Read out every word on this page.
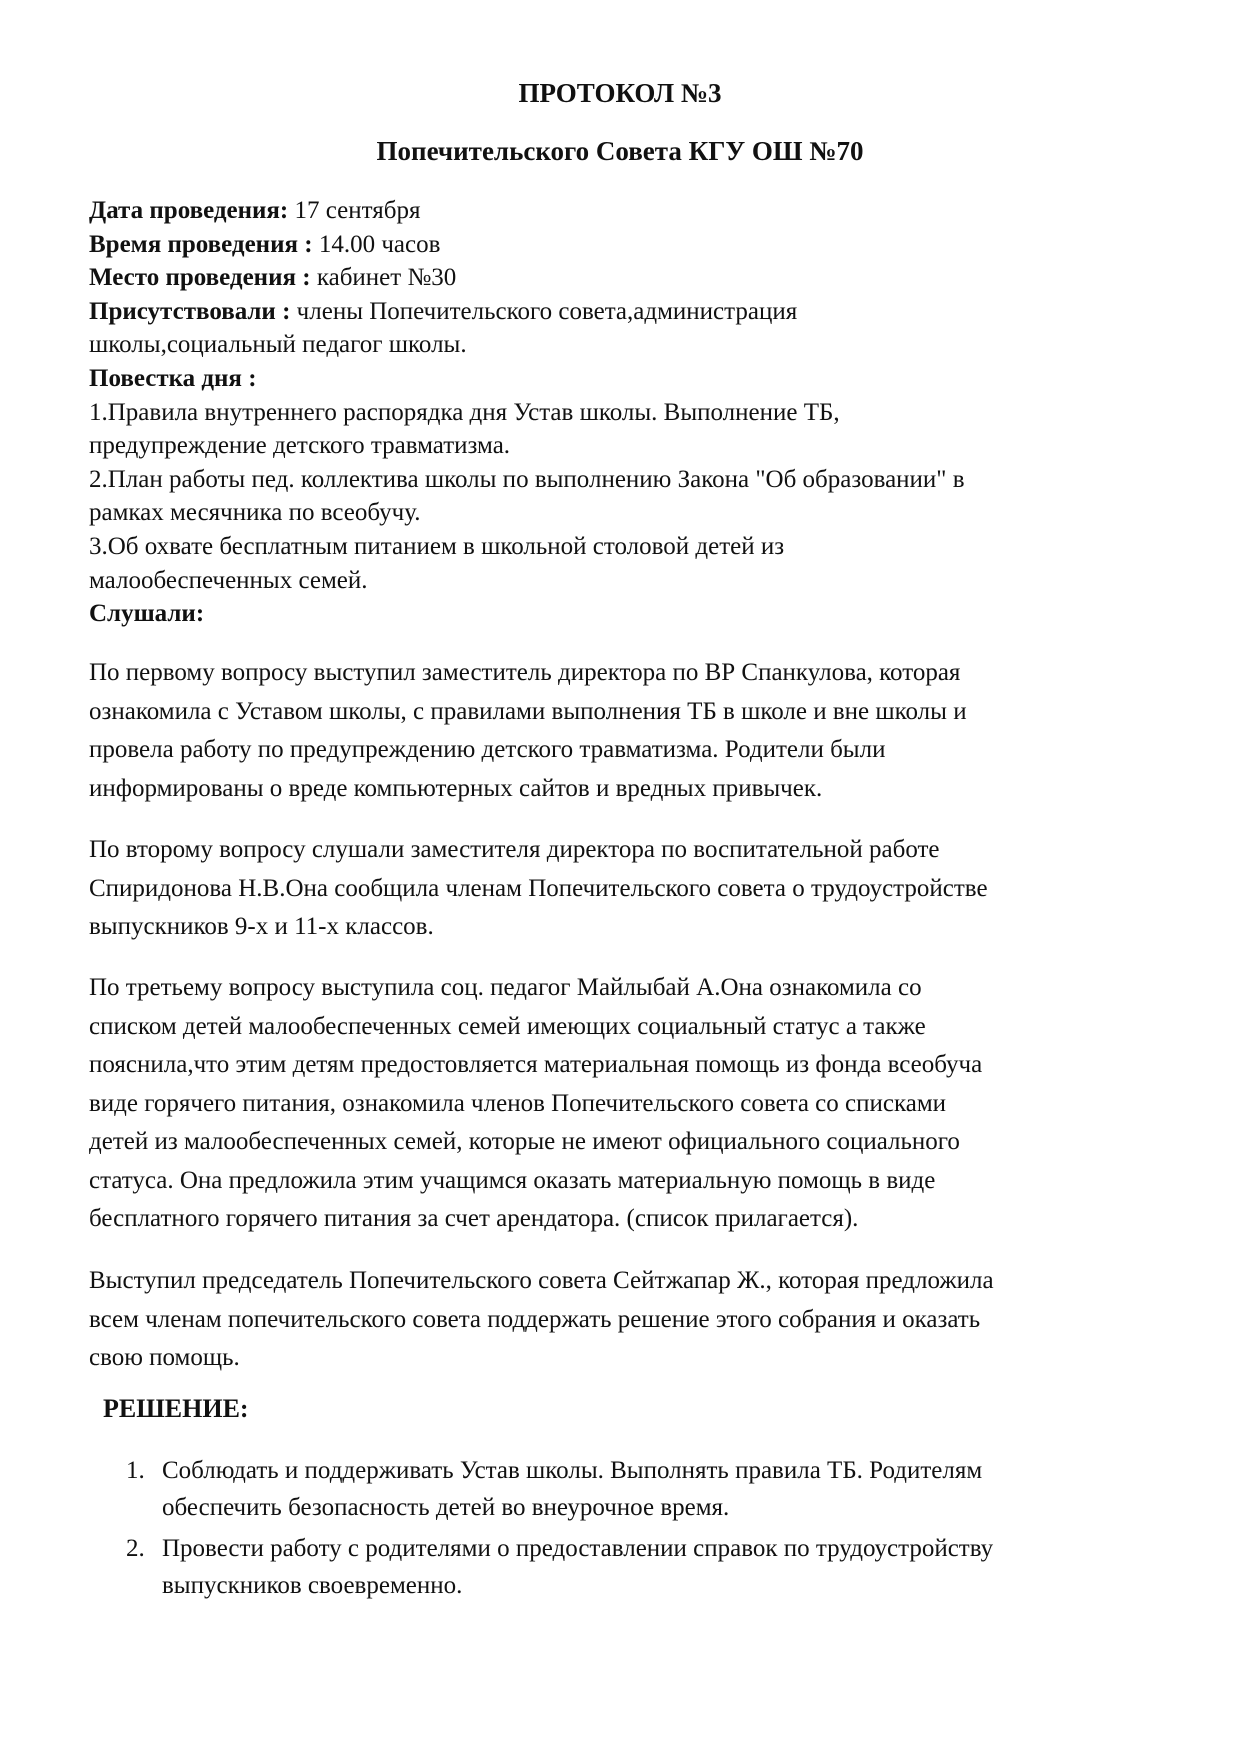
ПРОТОКОЛ №3
Попечительского Совета КГУ ОШ №70

Дата проведения: 17 сентября

Время проведения : 14.00 часов

Место проведения : кабинет №30

Присутствовали : члены Попечительского совета,администрация
школы,социальный педагог школы.

Повестка дня :

1.Правила внутреннего распорядка дня Устав школы. Выполнение ТБ,
предупреждение детского травматизма.

2.План работы пед. коллектива школы по выполнению Закона "Об образовании" в
рамках месячника по всеобучу.

3.Об охвате бесплатным питанием в школьной столовой детей из
малообеспеченных семей.

Слушали:

По первому вопросу выступил заместитель директора по ВР Спанкулова, которая
ознакомила с Уставом школы, с правилами выполнения ТБ в школе и вне школы и
провела работу по предупреждению детского травматизма. Родители были
информированы о вреде компьютерных сайтов и вредных привычек.

По второму вопросу слушали заместителя директора по воспитательной работе
Спиридонова Н.В.Она сообщила членам Попечительского совета о трудоустройстве
выпускников 9-х и 11-х классов.

По третьему вопросу выступила соц. педагог Майлыбай А.Она ознакомила со
списком детей малообеспеченных семей имеющих социальный статус а также
пояснила,что этим детям предостовляется материальная помощь из фонда всеобуча
виде горячего питания, ознакомила членов Попечительского совета со списками
детей из малообеспеченных семей, которые не имеют официального социального
статуса. Она предложила этим учащимся оказать материальную помощь в виде
бесплатного горячего питания за счет арендатора. (список прилагается).

Выступил председатель Попечительского совета Сейтжапар Ж., которая предложила
всем членам попечительского совета поддержать решение этого собрания и оказать
свою помощь.

РЕШЕНИЕ:

1. Соблюдать и поддерживать Устав школы. Выполнять правила ТБ. Родителям
обеспечить безопасность детей во внеурочное время.
2. Провести работу с родителями о предоставлении справок по трудоустройству
выпускников своевременно.
